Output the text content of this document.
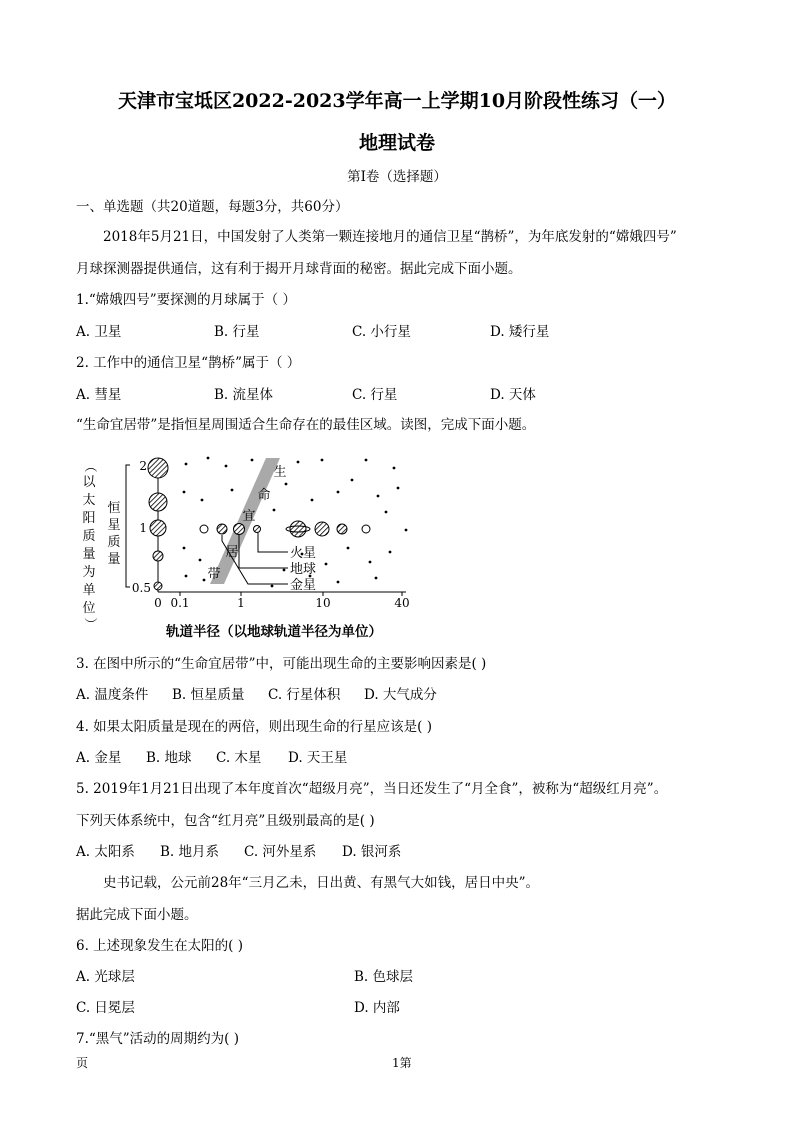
天津市宝坻区2022-2023学年高一上学期10月阶段性练习（一）
地理试卷
第I卷（选择题）
一、单选题（共20道题，每题3分，共60分）
2018年5月21日，中国发射了人类第一颗连接地月的通信卫星“鹊桥”，为年底发射的“嫦娥四号”
月球探测器提供通信，这有利于揭开月球背面的秘密。据此完成下面小题。
1.“嫦娥四号”要探测的月球属于（ ）
A. 卫星	B. 行星	C. 小行星	D. 矮行星
2. 工作中的通信卫星“鹊桥”属于（ ）
A. 彗星	B. 流星体	C. 行星	D. 天体
“生命宜居带”是指恒星周围适合生命存在的最佳区域。读图，完成下面小题。
（
以
太
阳
质
量
为
单
位
）
恒
星
质
量
2
1
0.5
0 0.1	1	10	40
生
命
宜
居
带
火星
地球
金星
轨道半径（以地球轨道半径为单位）
3. 在图中所示的“生命宜居带”中，可能出现生命的主要影响因素是( )
A. 温度条件 B. 恒星质量 C. 行星体积 D. 大气成分
4. 如果太阳质量是现在的两倍，则出现生命的行星应该是( )
A. 金星 B. 地球 C. 木星 D. 天王星
5. 2019年1月21日出现了本年度首次“超级月亮”，当日还发生了“月全食”，被称为“超级红月亮”。
下列天体系统中，包含“红月亮”且级别最高的是( )
A. 太阳系 B. 地月系 C. 河外星系 D. 银河系
史书记载，公元前28年“三月乙未，日出黄、有黑气大如钱，居日中央”。
据此完成下面小题。
6. 上述现象发生在太阳的( )
A. 光球层	B. 色球层
C. 日冕层	D. 内部
7.“黑气”活动的周期约为( )
页	1第
